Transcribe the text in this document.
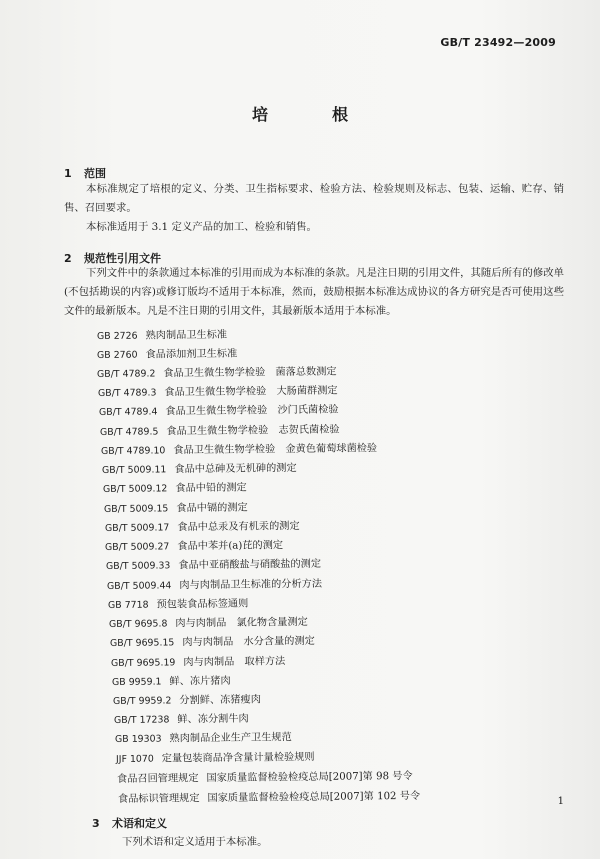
GB/T 23492—2009
培　根
1 范围
本标准规定了培根的定义、分类、卫生指标要求、检验方法、检验规则及标志、包装、运输、贮存、销售、召回要求。
本标准适用于 3.1 定义产品的加工、检验和销售。
2 规范性引用文件
下列文件中的条款通过本标准的引用而成为本标准的条款。凡是注日期的引用文件，其随后所有的修改单(不包括勘误的内容)或修订版均不适用于本标准，然而，鼓励根据本标准达成协议的各方研究是否可使用这些文件的最新版本。凡是不注日期的引用文件，其最新版本适用于本标准。
GB 2726 熟肉制品卫生标准
GB 2760 食品添加剂卫生标准
GB/T 4789.2 食品卫生微生物学检验　菌落总数测定
GB/T 4789.3 食品卫生微生物学检验　大肠菌群测定
GB/T 4789.4 食品卫生微生物学检验　沙门氏菌检验
GB/T 4789.5 食品卫生微生物学检验　志贺氏菌检验
GB/T 4789.10 食品卫生微生物学检验　金黄色葡萄球菌检验
GB/T 5009.11 食品中总砷及无机砷的测定
GB/T 5009.12 食品中铅的测定
GB/T 5009.15 食品中镉的测定
GB/T 5009.17 食品中总汞及有机汞的测定
GB/T 5009.27 食品中苯并(a)芘的测定
GB/T 5009.33 食品中亚硝酸盐与硝酸盐的测定
GB/T 5009.44 肉与肉制品卫生标准的分析方法
GB 7718 预包装食品标签通则
GB/T 9695.8 肉与肉制品　氯化物含量测定
GB/T 9695.15 肉与肉制品　水分含量的测定
GB/T 9695.19 肉与肉制品　取样方法
GB 9959.1 鲜、冻片猪肉
GB/T 9959.2 分割鲜、冻猪瘦肉
GB/T 17238 鲜、冻分割牛肉
GB 19303 熟肉制品企业生产卫生规范
JJF 1070 定量包装商品净含量计量检验规则
食品召回管理规定 国家质量监督检验检疫总局[2007]第 98 号令
食品标识管理规定 国家质量监督检验检疫总局[2007]第 102 号令
3 术语和定义
下列术语和定义适用于本标准。
1
